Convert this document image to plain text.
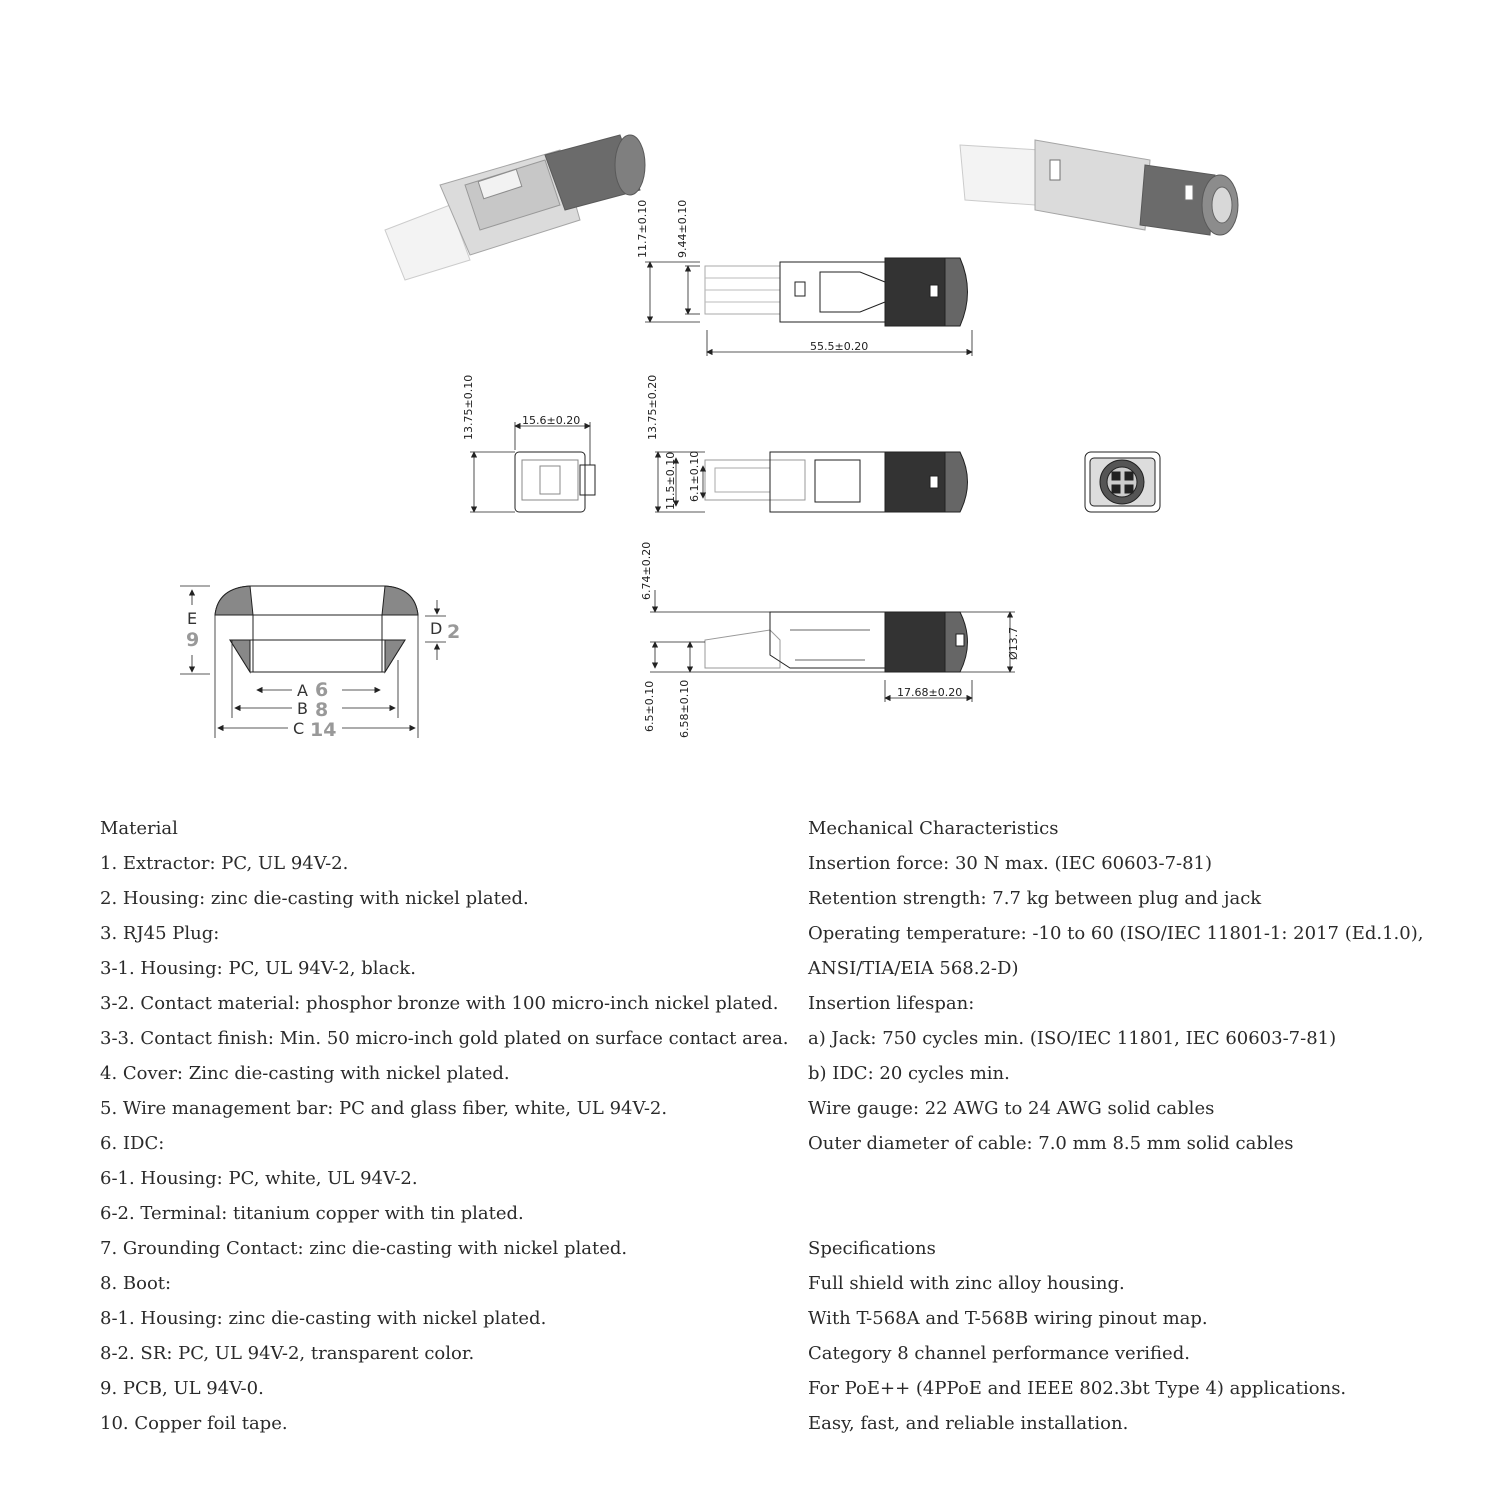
11.7±0.10 9.44±0.10
55.5±0.20
13.75±0.10	15.6±0.20	13.75±0.20
11.5±0.10 6.1±0.10
6.74±0.20
6.5±0.10 6.58±0.10
Ø13.7
17.68±0.20
E
9
D 2
A 6
B 8
C 14
Material
1. Extractor: PC, UL 94V-2.
2. Housing: zinc die-casting with nickel plated.
3. RJ45 Plug:
3-1. Housing: PC, UL 94V-2, black.
3-2. Contact material: phosphor bronze with 100 micro-inch nickel plated.
3-3. Contact finish: Min. 50 micro-inch gold plated on surface contact area.
4. Cover: Zinc die-casting with nickel plated.
5. Wire management bar: PC and glass fiber, white, UL 94V-2.
6. IDC:
6-1. Housing: PC, white, UL 94V-2.
6-2. Terminal: titanium copper with tin plated.
7. Grounding Contact: zinc die-casting with nickel plated.
8. Boot:
8-1. Housing: zinc die-casting with nickel plated.
8-2. SR: PC, UL 94V-2, transparent color.
9. PCB, UL 94V-0.
10. Copper foil tape.
Mechanical Characteristics
Insertion force: 30 N max. (IEC 60603-7-81)
Retention strength: 7.7 kg between plug and jack
Operating temperature: -10 to 60 (ISO/IEC 11801-1: 2017 (Ed.1.0),
ANSI/TIA/EIA 568.2-D)
Insertion lifespan:
a) Jack: 750 cycles min. (ISO/IEC 11801, IEC 60603-7-81)
b) IDC: 20 cycles min.
Wire gauge: 22 AWG to 24 AWG solid cables
Outer diameter of cable: 7.0 mm 8.5 mm solid cables
Specifications
Full shield with zinc alloy housing.
With T-568A and T-568B wiring pinout map.
Category 8 channel performance verified.
For PoE++ (4PPoE and IEEE 802.3bt Type 4) applications.
Easy, fast, and reliable installation.
